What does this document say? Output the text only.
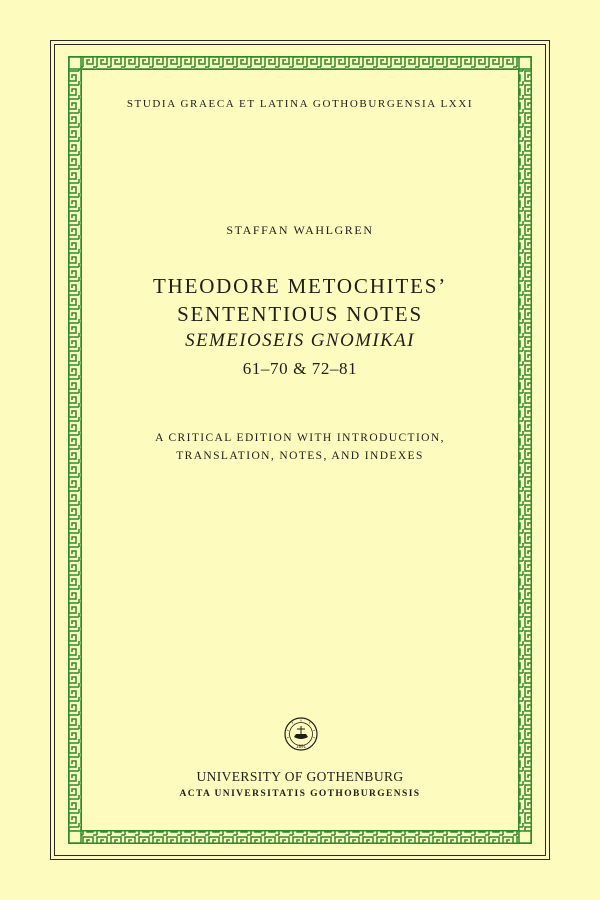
STUDIA GRAECA ET LATINA GOTHOBURGENSIA LXXI
STAFFAN WAHLGREN
THEODORE METOCHITES’
SENTENTIOUS NOTES
SEMEIOSEIS GNOMIKAI
61–70 & 72–81
A CRITICAL EDITION WITH INTRODUCTION,
TRANSLATION, NOTES, AND INDEXES
1891
UNIVERSITY OF GOTHENBURG
ACTA UNIVERSITATIS GOTHOBURGENSIS
